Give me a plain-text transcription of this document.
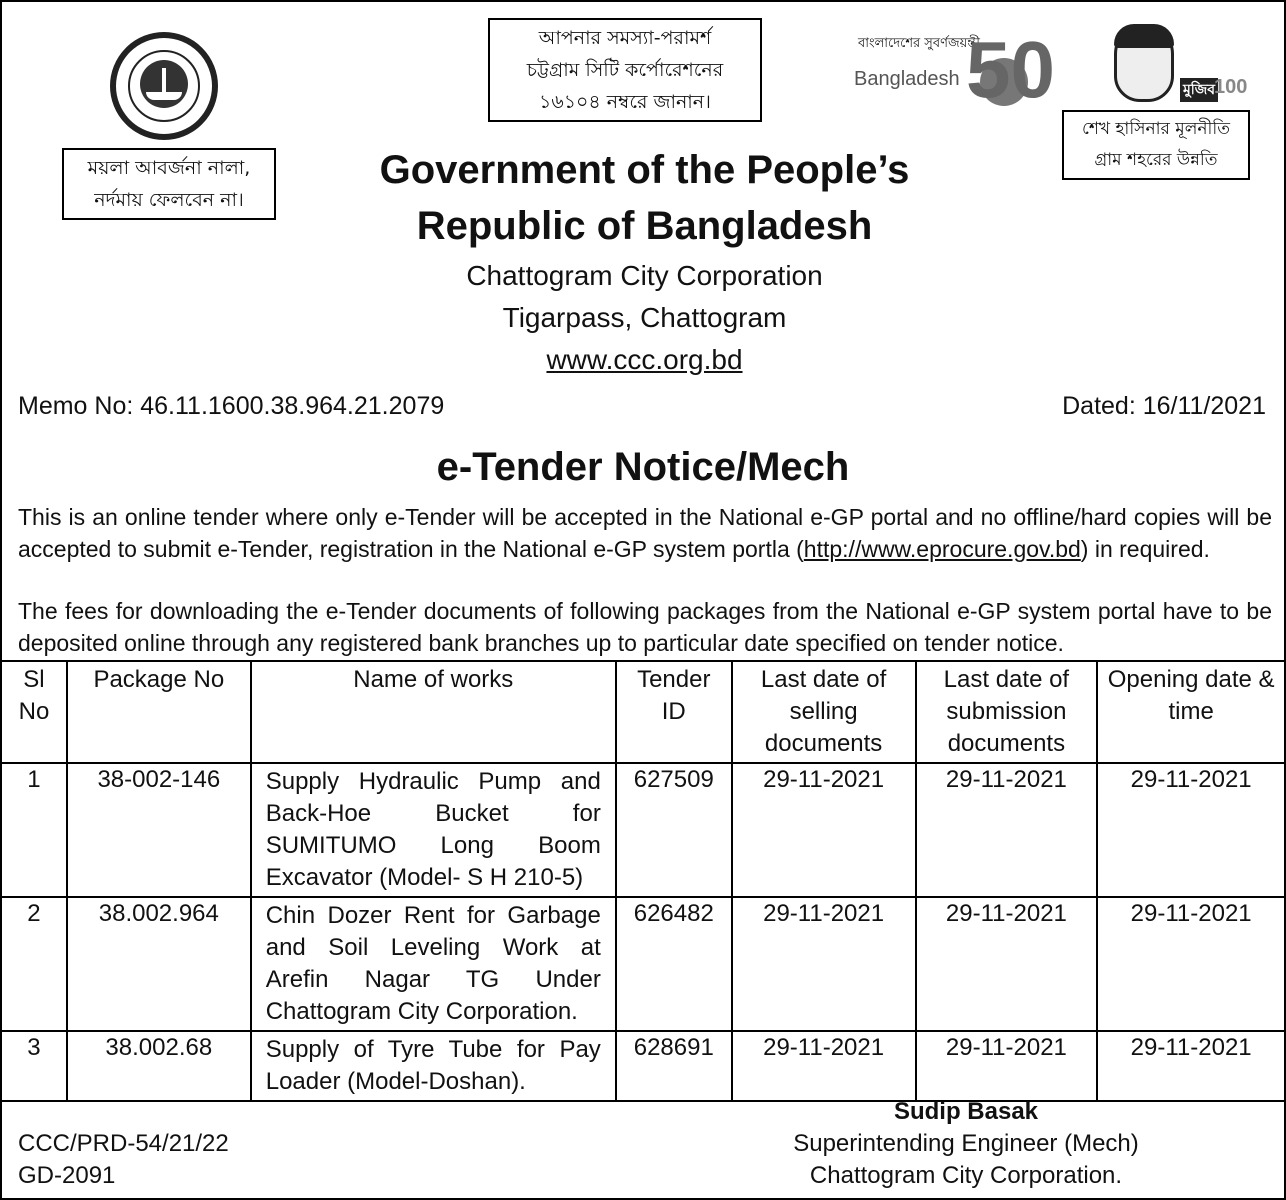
ময়লা আবর্জনা নালা,
নর্দমায় ফেলবেন না।
আপনার সমস্যা-পরামর্শ
চট্টগ্রাম সিটি কর্পোরেশনের
১৬১০৪ নম্বরে জানান।
বাংলাদেশের সুবর্ণজয়ন্তী
Bangladesh 50	মুজিব
100
শেখ হাসিনার মূলনীতি
গ্রাম শহরের উন্নতি
Government of the People’s
Republic of Bangladesh
Chattogram City Corporation
Tigarpass, Chattogram
www.ccc.org.bd
Memo No: 46.11.1600.38.964.21.2079	Dated: 16/11/2021
e-Tender Notice/Mech
This is an online tender where only e-Tender will be accepted in the National e-GP portal and no offline/hard copies will be accepted to submit e-Tender, registration in the National e-GP system portla (http://www.eprocure.gov.bd) in required.
The fees for downloading the e-Tender documents of following packages from the National e-GP system portal have to be deposited online through any registered bank branches up to particular date specified on tender notice.
Sl No	Package No	Name of works	Tender ID	Last date of selling documents	Last date of submission documents	Opening date & time
1	38-002-146	Supply Hydraulic Pump and Back-Hoe Bucket for SUMITUMO Long Boom Excavator (Model- S H 210-5)	627509	29-11-2021	29-11-2021	29-11-2021
2	38.002.964	Chin Dozer Rent for Garbage and Soil Leveling Work at Arefin Nagar TG Under Chattogram City Corporation.	626482	29-11-2021	29-11-2021	29-11-2021
3	38.002.68	Supply of Tyre Tube for Pay Loader (Model-Doshan).	628691	29-11-2021	29-11-2021	29-11-2021
CCC/PRD-54/21/22
GD-2091
Sudip Basak
Superintending Engineer (Mech)
Chattogram City Corporation.
